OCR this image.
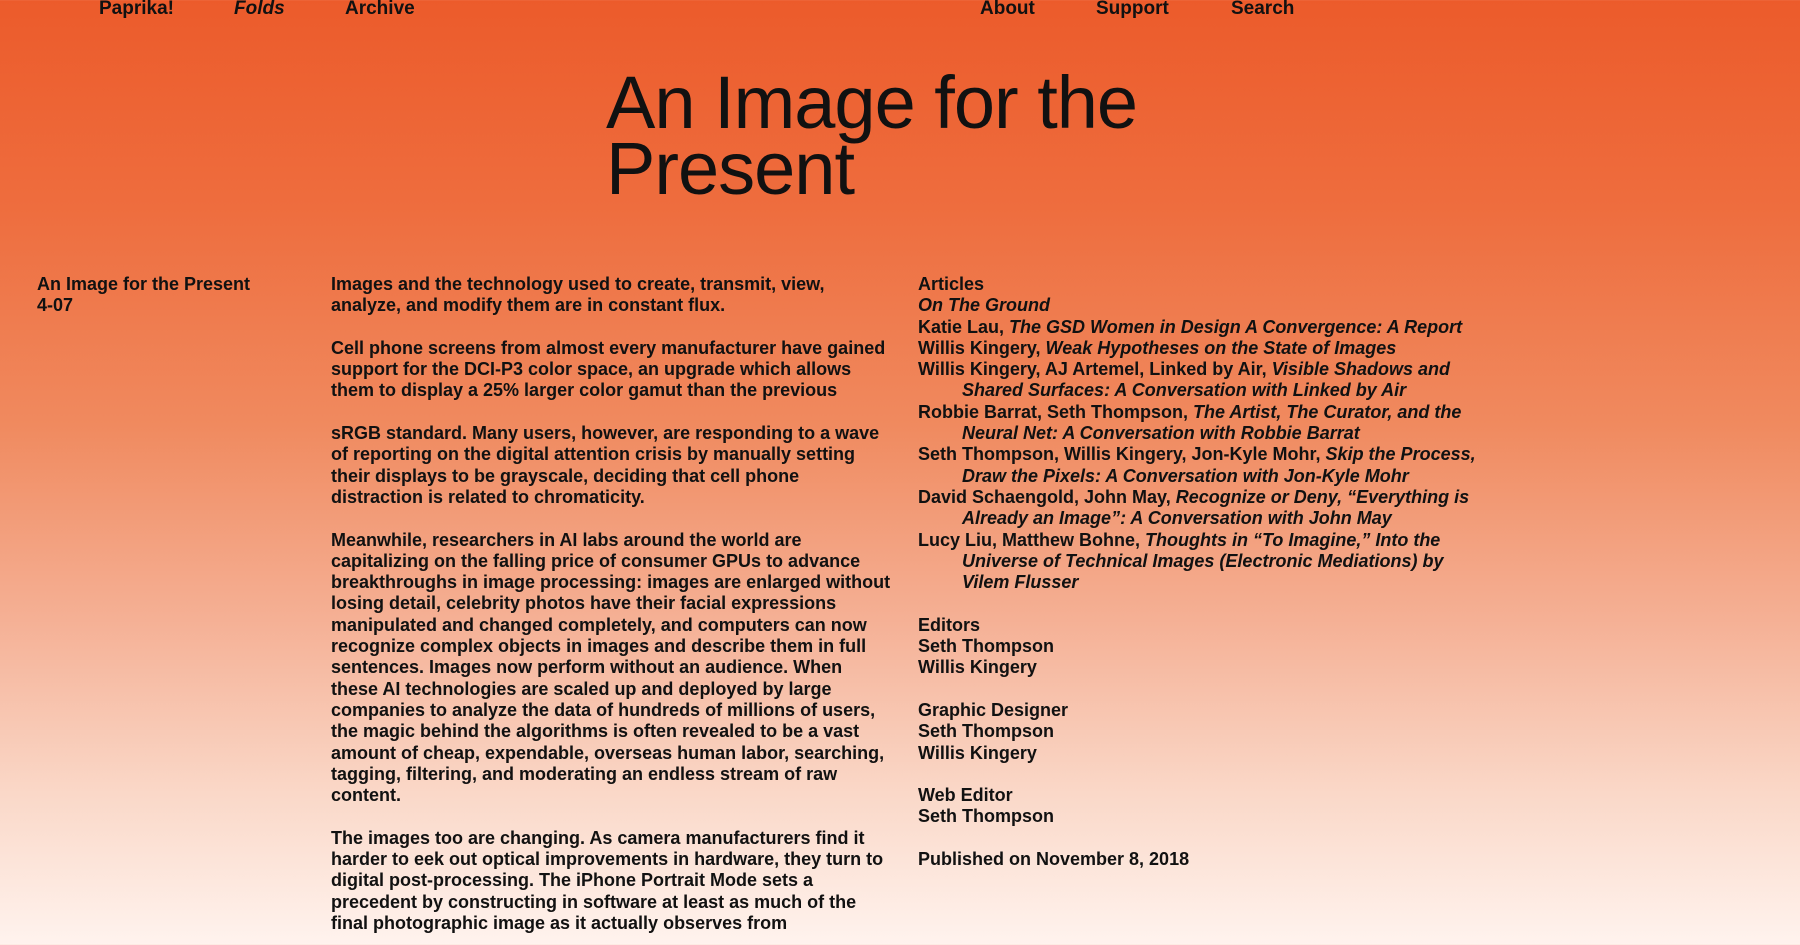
Paprika!	Folds	Archive	About	Support	Search
An Image for the Present
An Image for the Present
4-07

Images and the technology used to create, transmit, view, analyze, and modify them are in constant flux.

Cell phone screens from almost every manufacturer have gained support for the DCI-P3 color space, an upgrade which allows them to display a 25% larger color gamut than the previous

sRGB standard. Many users, however, are responding to a wave of reporting on the digital attention crisis by manually setting their displays to be grayscale, deciding that cell phone distraction is related to chromaticity.

Meanwhile, researchers in AI labs around the world are capitalizing on the falling price of consumer GPUs to advance breakthroughs in image processing: images are enlarged without losing detail, celebrity photos have their facial expressions manipulated and changed completely, and computers can now recognize complex objects in images and describe them in full sentences. Images now perform without an audience. When these AI technologies are scaled up and deployed by large companies to analyze the data of hundreds of millions of users, the magic behind the algorithms is often revealed to be a vast amount of cheap, expendable, overseas human labor, searching, tagging, filtering, and moderating an endless stream of raw content.

The images too are changing. As camera manufacturers find it harder to eek out optical improvements in hardware, they turn to digital post-processing. The iPhone Portrait Mode sets a precedent by constructing in software at least as much of the final photographic image as it actually observes from

Articles
On The Ground
Katie Lau, The GSD Women in Design A Convergence: A Report
Willis Kingery, Weak Hypotheses on the State of Images
Willis Kingery, AJ Artemel, Linked by Air, Visible Shadows and Shared Surfaces: A Conversation with Linked by Air
Robbie Barrat, Seth Thompson, The Artist, The Curator, and the Neural Net: A Conversation with Robbie Barrat
Seth Thompson, Willis Kingery, Jon-Kyle Mohr, Skip the Process, Draw the Pixels: A Conversation with Jon-Kyle Mohr
David Schaengold, John May, Recognize or Deny, “Everything is Already an Image”: A Conversation with John May
Lucy Liu, Matthew Bohne, Thoughts in “To Imagine,” Into the Universe of Technical Images (Electronic Mediations) by Vilem Flusser
Editors
Seth Thompson
Willis Kingery
Graphic Designer
Seth Thompson
Willis Kingery
Web Editor
Seth Thompson
Published on November 8, 2018
